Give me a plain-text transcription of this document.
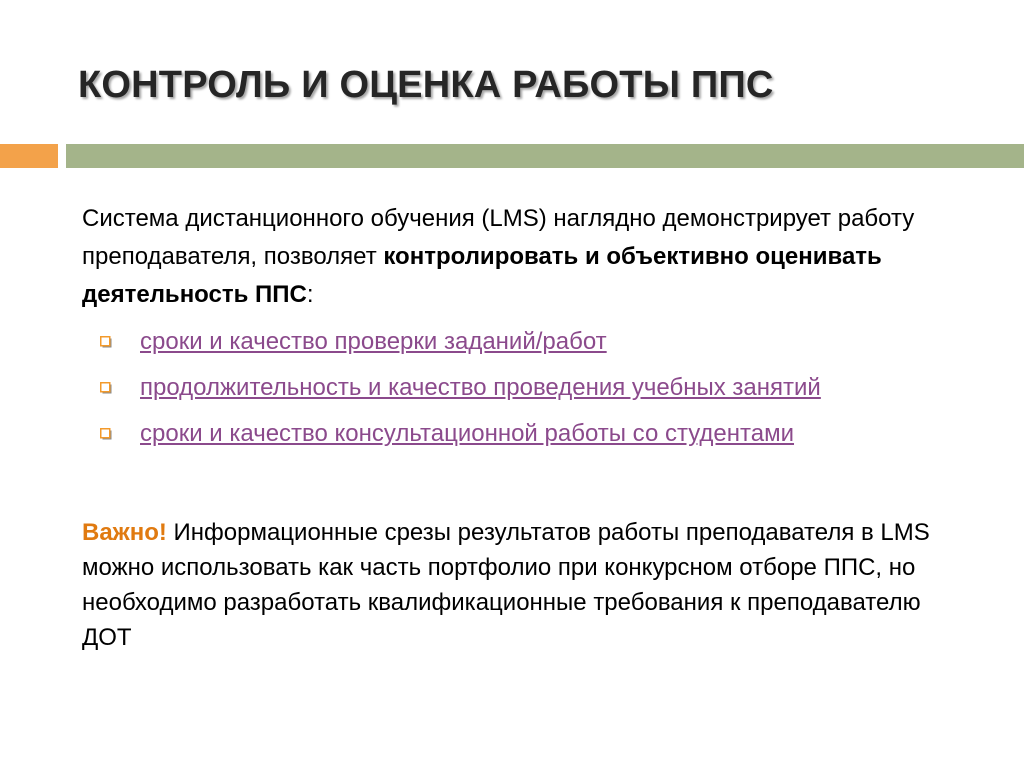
КОНТРОЛЬ И ОЦЕНКА РАБОТЫ ППС

Система дистанционного обучения (LMS) наглядно демонстрирует работу преподавателя, позволяет контролировать и объективно оценивать деятельность ППС:

сроки и качество проверки заданий/работ
продолжительность и качество проведения учебных занятий
сроки и качество консультационной работы со студентами

Важно! Информационные срезы результатов работы преподавателя в LMS можно использовать как часть портфолио при конкурсном отборе ППС, но необходимо разработать квалификационные требования к преподавателю ДОТ
